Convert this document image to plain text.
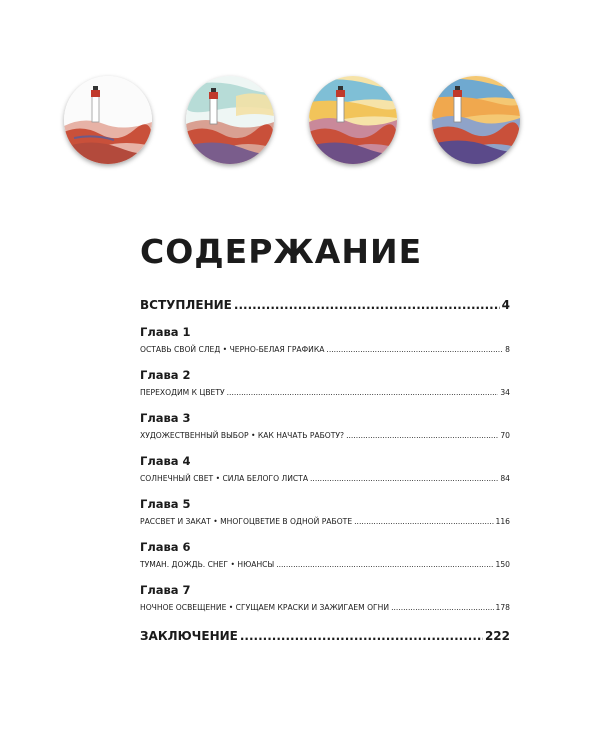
СОДЕРЖАНИЕ
ВСТУПЛЕНИЕ .....	4
Глава 1
ОСТАВЬ СВОЙ СЛЕД • ЧЕРНО-БЕЛАЯ ГРАФИКА .....	8
Глава 2
ПЕРЕХОДИМ К ЦВЕТУ .....	34
Глава 3
ХУДОЖЕСТВЕННЫЙ ВЫБОР • КАК НАЧАТЬ РАБОТУ? .....	70
Глава 4
СОЛНЕЧНЫЙ СВЕТ • СИЛА БЕЛОГО ЛИСТА .....	84
Глава 5
РАССВЕТ И ЗАКАТ • МНОГОЦВЕТИЕ В ОДНОЙ РАБОТЕ .....	116
Глава 6
ТУМАН. ДОЖДЬ. СНЕГ • НЮАНСЫ .....	150
Глава 7
НОЧНОЕ ОСВЕЩЕНИЕ • СГУЩАЕМ КРАСКИ И ЗАЖИГАЕМ ОГНИ .....	178
ЗАКЛЮЧЕНИЕ .....	222
